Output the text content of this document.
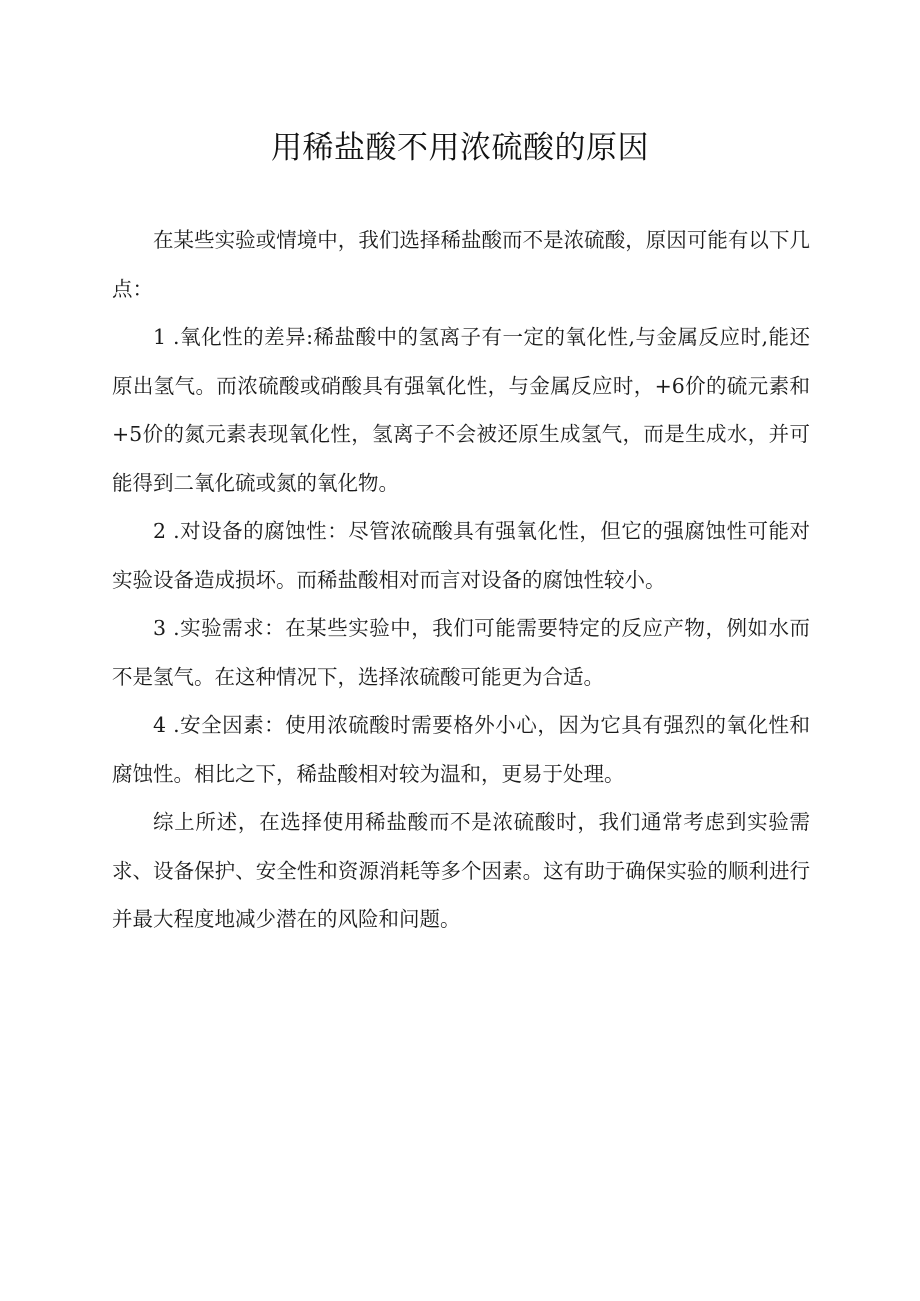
用稀盐酸不用浓硫酸的原因

在某些实验或情境中，我们选择稀盐酸而不是浓硫酸，原因可能有以下几点：

1 .氧化性的差异:稀盐酸中的氢离子有一定的氧化性,与金属反应时,能还原出氢气。而浓硫酸或硝酸具有强氧化性，与金属反应时，+6价的硫元素和+5价的氮元素表现氧化性，氢离子不会被还原生成氢气，而是生成水，并可能得到二氧化硫或氮的氧化物。

2 .对设备的腐蚀性：尽管浓硫酸具有强氧化性，但它的强腐蚀性可能对实验设备造成损坏。而稀盐酸相对而言对设备的腐蚀性较小。

3 .实验需求：在某些实验中，我们可能需要特定的反应产物，例如水而不是氢气。在这种情况下，选择浓硫酸可能更为合适。

4 .安全因素：使用浓硫酸时需要格外小心，因为它具有强烈的氧化性和腐蚀性。相比之下，稀盐酸相对较为温和，更易于处理。

综上所述，在选择使用稀盐酸而不是浓硫酸时，我们通常考虑到实验需求、设备保护、安全性和资源消耗等多个因素。这有助于确保实验的顺利进行并最大程度地减少潜在的风险和问题。
